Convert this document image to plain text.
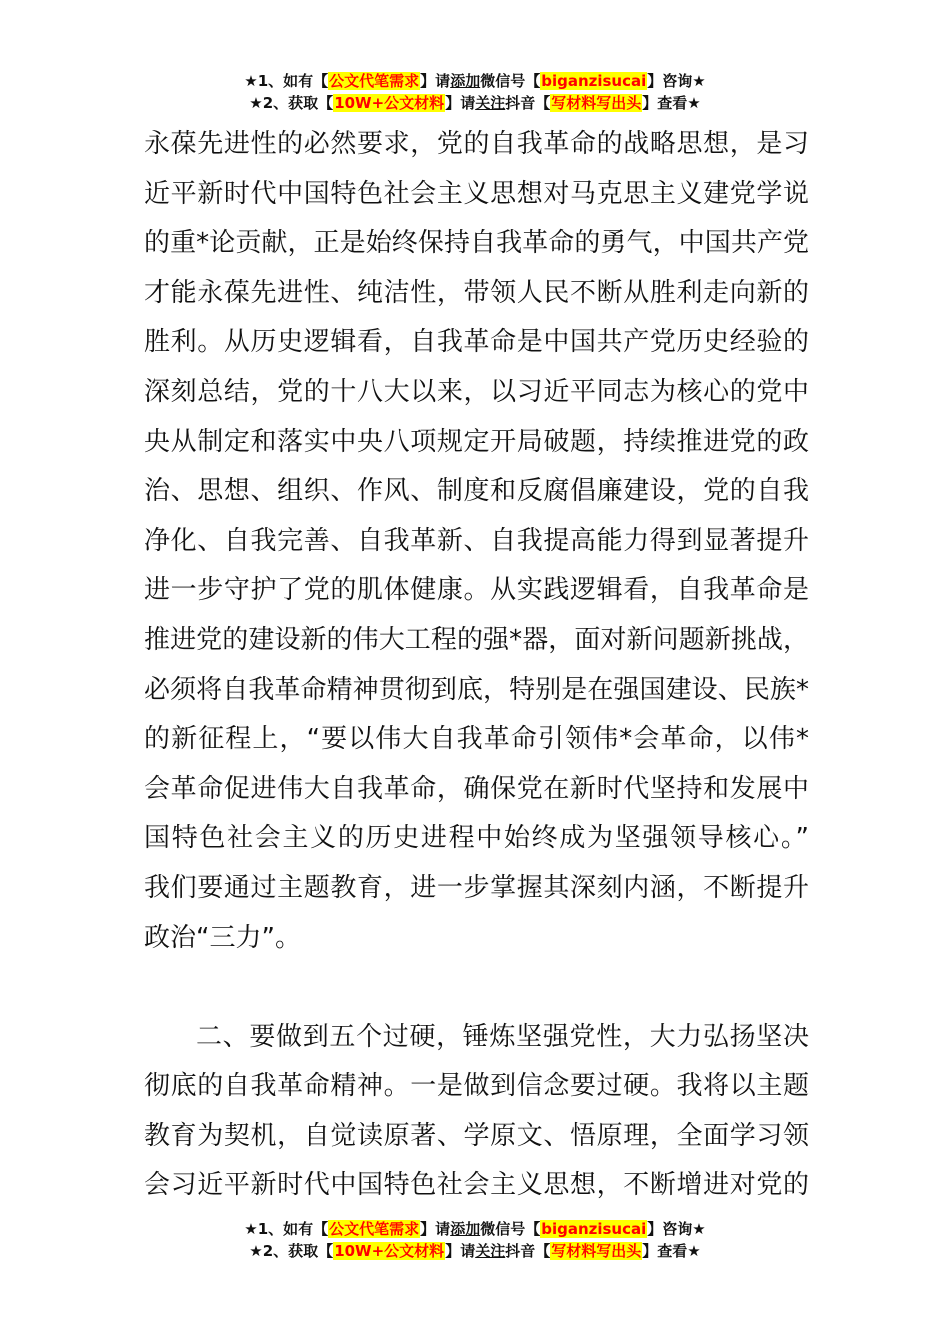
★1、如有【公文代笔需求】请添加微信号【biganzisucai】咨询★
★2、获取【10W+公文材料】请关注抖音【写材料写出头】查看★
永葆先进性的必然要求，党的自我革命的战略思想，是习
近平新时代中国特色社会主义思想对马克思主义建党学说
的重*论贡献，正是始终保持自我革命的勇气，中国共产党
才能永葆先进性、纯洁性，带领人民不断从胜利走向新的
胜利。从历史逻辑看，自我革命是中国共产党历史经验的
深刻总结，党的十八大以来，以习近平同志为核心的党中
央从制定和落实中央八项规定开局破题，持续推进党的政
治、思想、组织、作风、制度和反腐倡廉建设，党的自我
净化、自我完善、自我革新、自我提高能力得到显著提升
进一步守护了党的肌体健康。从实践逻辑看，自我革命是
推进党的建设新的伟大工程的强*器，面对新问题新挑战，
必须将自我革命精神贯彻到底，特别是在强国建设、民族*
的新征程上，“要以伟大自我革命引领伟*会革命，以伟*
会革命促进伟大自我革命，确保党在新时代坚持和发展中
国特色社会主义的历史进程中始终成为坚强领导核心。”
我们要通过主题教育，进一步掌握其深刻内涵，不断提升
政治“三力”。
二、要做到五个过硬，锤炼坚强党性，大力弘扬坚决
彻底的自我革命精神。一是做到信念要过硬。我将以主题
教育为契机，自觉读原著、学原文、悟原理，全面学习领
会习近平新时代中国特色社会主义思想，不断增进对党的
★1、如有【公文代笔需求】请添加微信号【biganzisucai】咨询★
★2、获取【10W+公文材料】请关注抖音【写材料写出头】查看★
